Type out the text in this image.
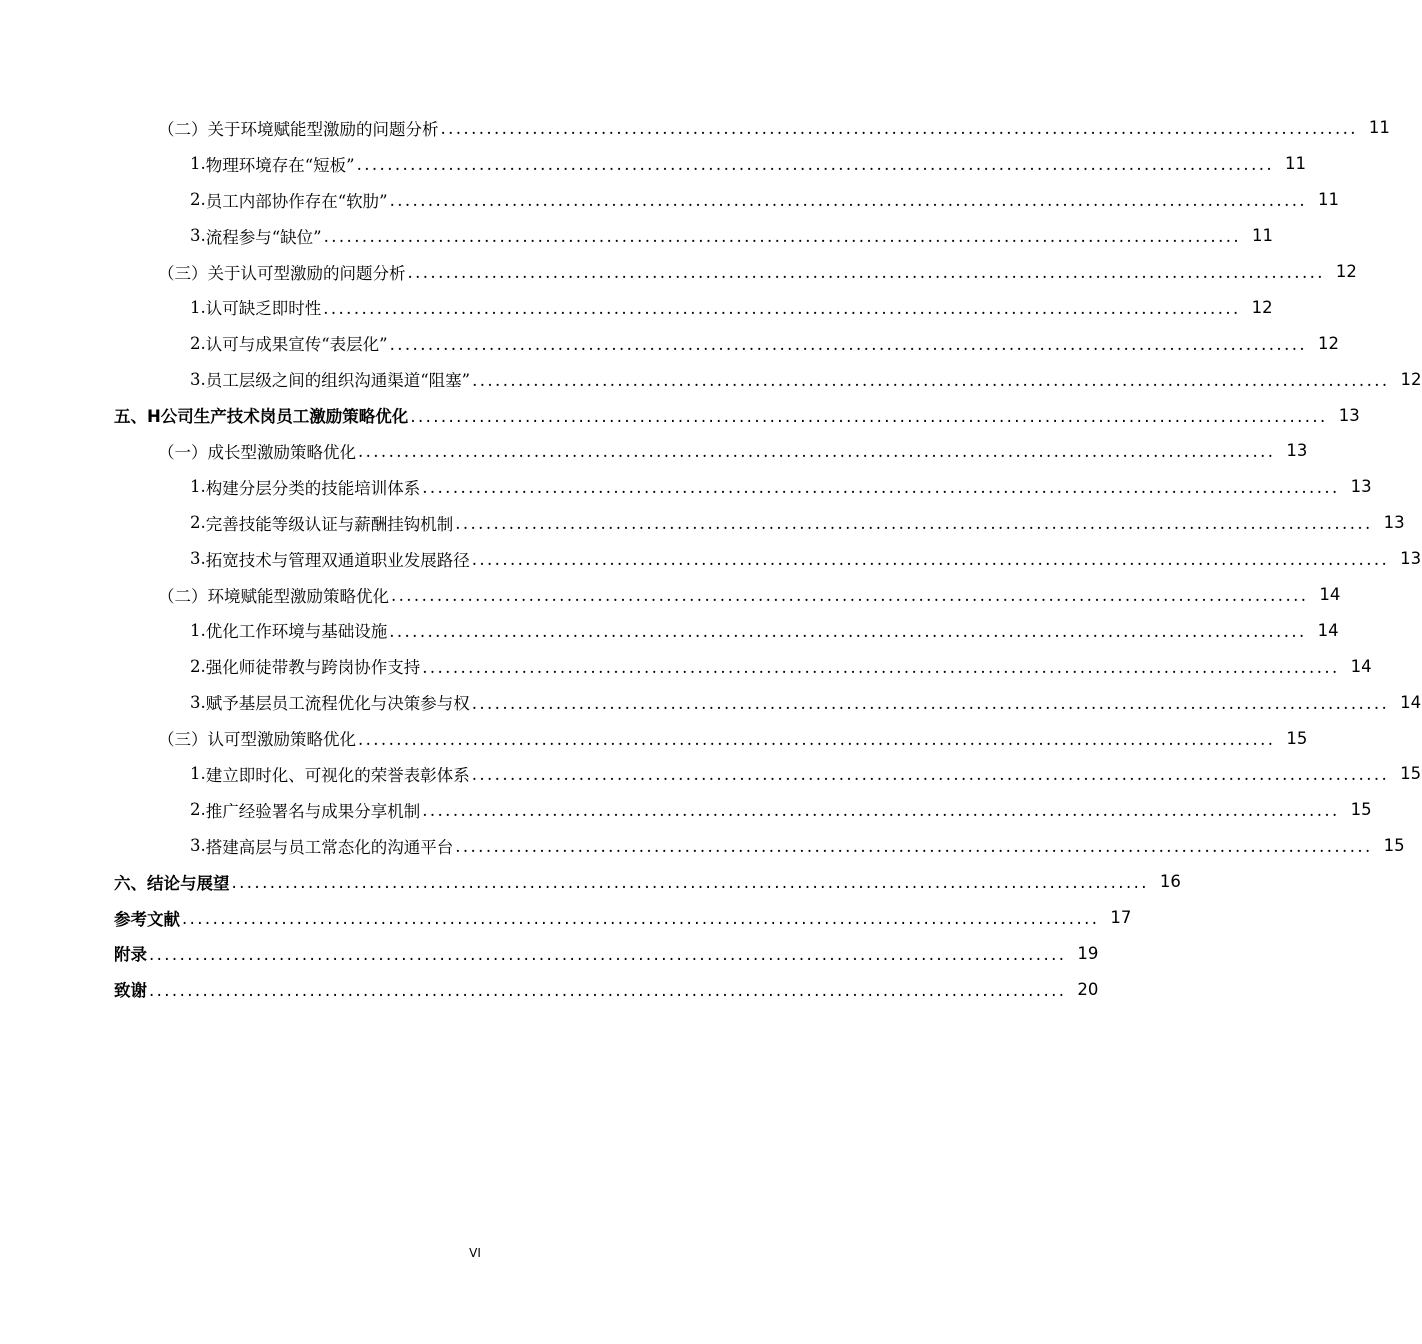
（二） 关于环境赋能型激励的问题分析 ........................................................................................................................ 11
1. 物理环境存在“短板” ........................................................................................................................ 11
2. 员工内部协作存在“软肋” ........................................................................................................................ 11
3. 流程参与“缺位” ........................................................................................................................ 11
（三） 关于认可型激励的问题分析 ........................................................................................................................ 12
1. 认可缺乏即时性 ........................................................................................................................ 12
2. 认可与成果宣传“表层化” ........................................................................................................................ 12
3. 员工层级之间的组织沟通渠道“阻塞” ........................................................................................................................ 12
五、 H公司生产技术岗员工激励策略优化 ........................................................................................................................ 13
（一） 成长型激励策略优化 ........................................................................................................................ 13
1. 构建分层分类的技能培训体系 ........................................................................................................................ 13
2. 完善技能等级认证与薪酬挂钩机制 ........................................................................................................................ 13
3. 拓宽技术与管理双通道职业发展路径 ........................................................................................................................ 13
（二） 环境赋能型激励策略优化 ........................................................................................................................ 14
1. 优化工作环境与基础设施 ........................................................................................................................ 14
2. 强化师徒带教与跨岗协作支持 ........................................................................................................................ 14
3. 赋予基层员工流程优化与决策参与权 ........................................................................................................................ 14
（三） 认可型激励策略优化 ........................................................................................................................ 15
1. 建立即时化、可视化的荣誉表彰体系 ........................................................................................................................ 15
2. 推广经验署名与成果分享机制 ........................................................................................................................ 15
3. 搭建高层与员工常态化的沟通平台 ........................................................................................................................ 15
六、 结论与展望 ........................................................................................................................ 16
参考文献 ........................................................................................................................ 17
附录 ........................................................................................................................ 19
致谢 ........................................................................................................................ 20
VI
